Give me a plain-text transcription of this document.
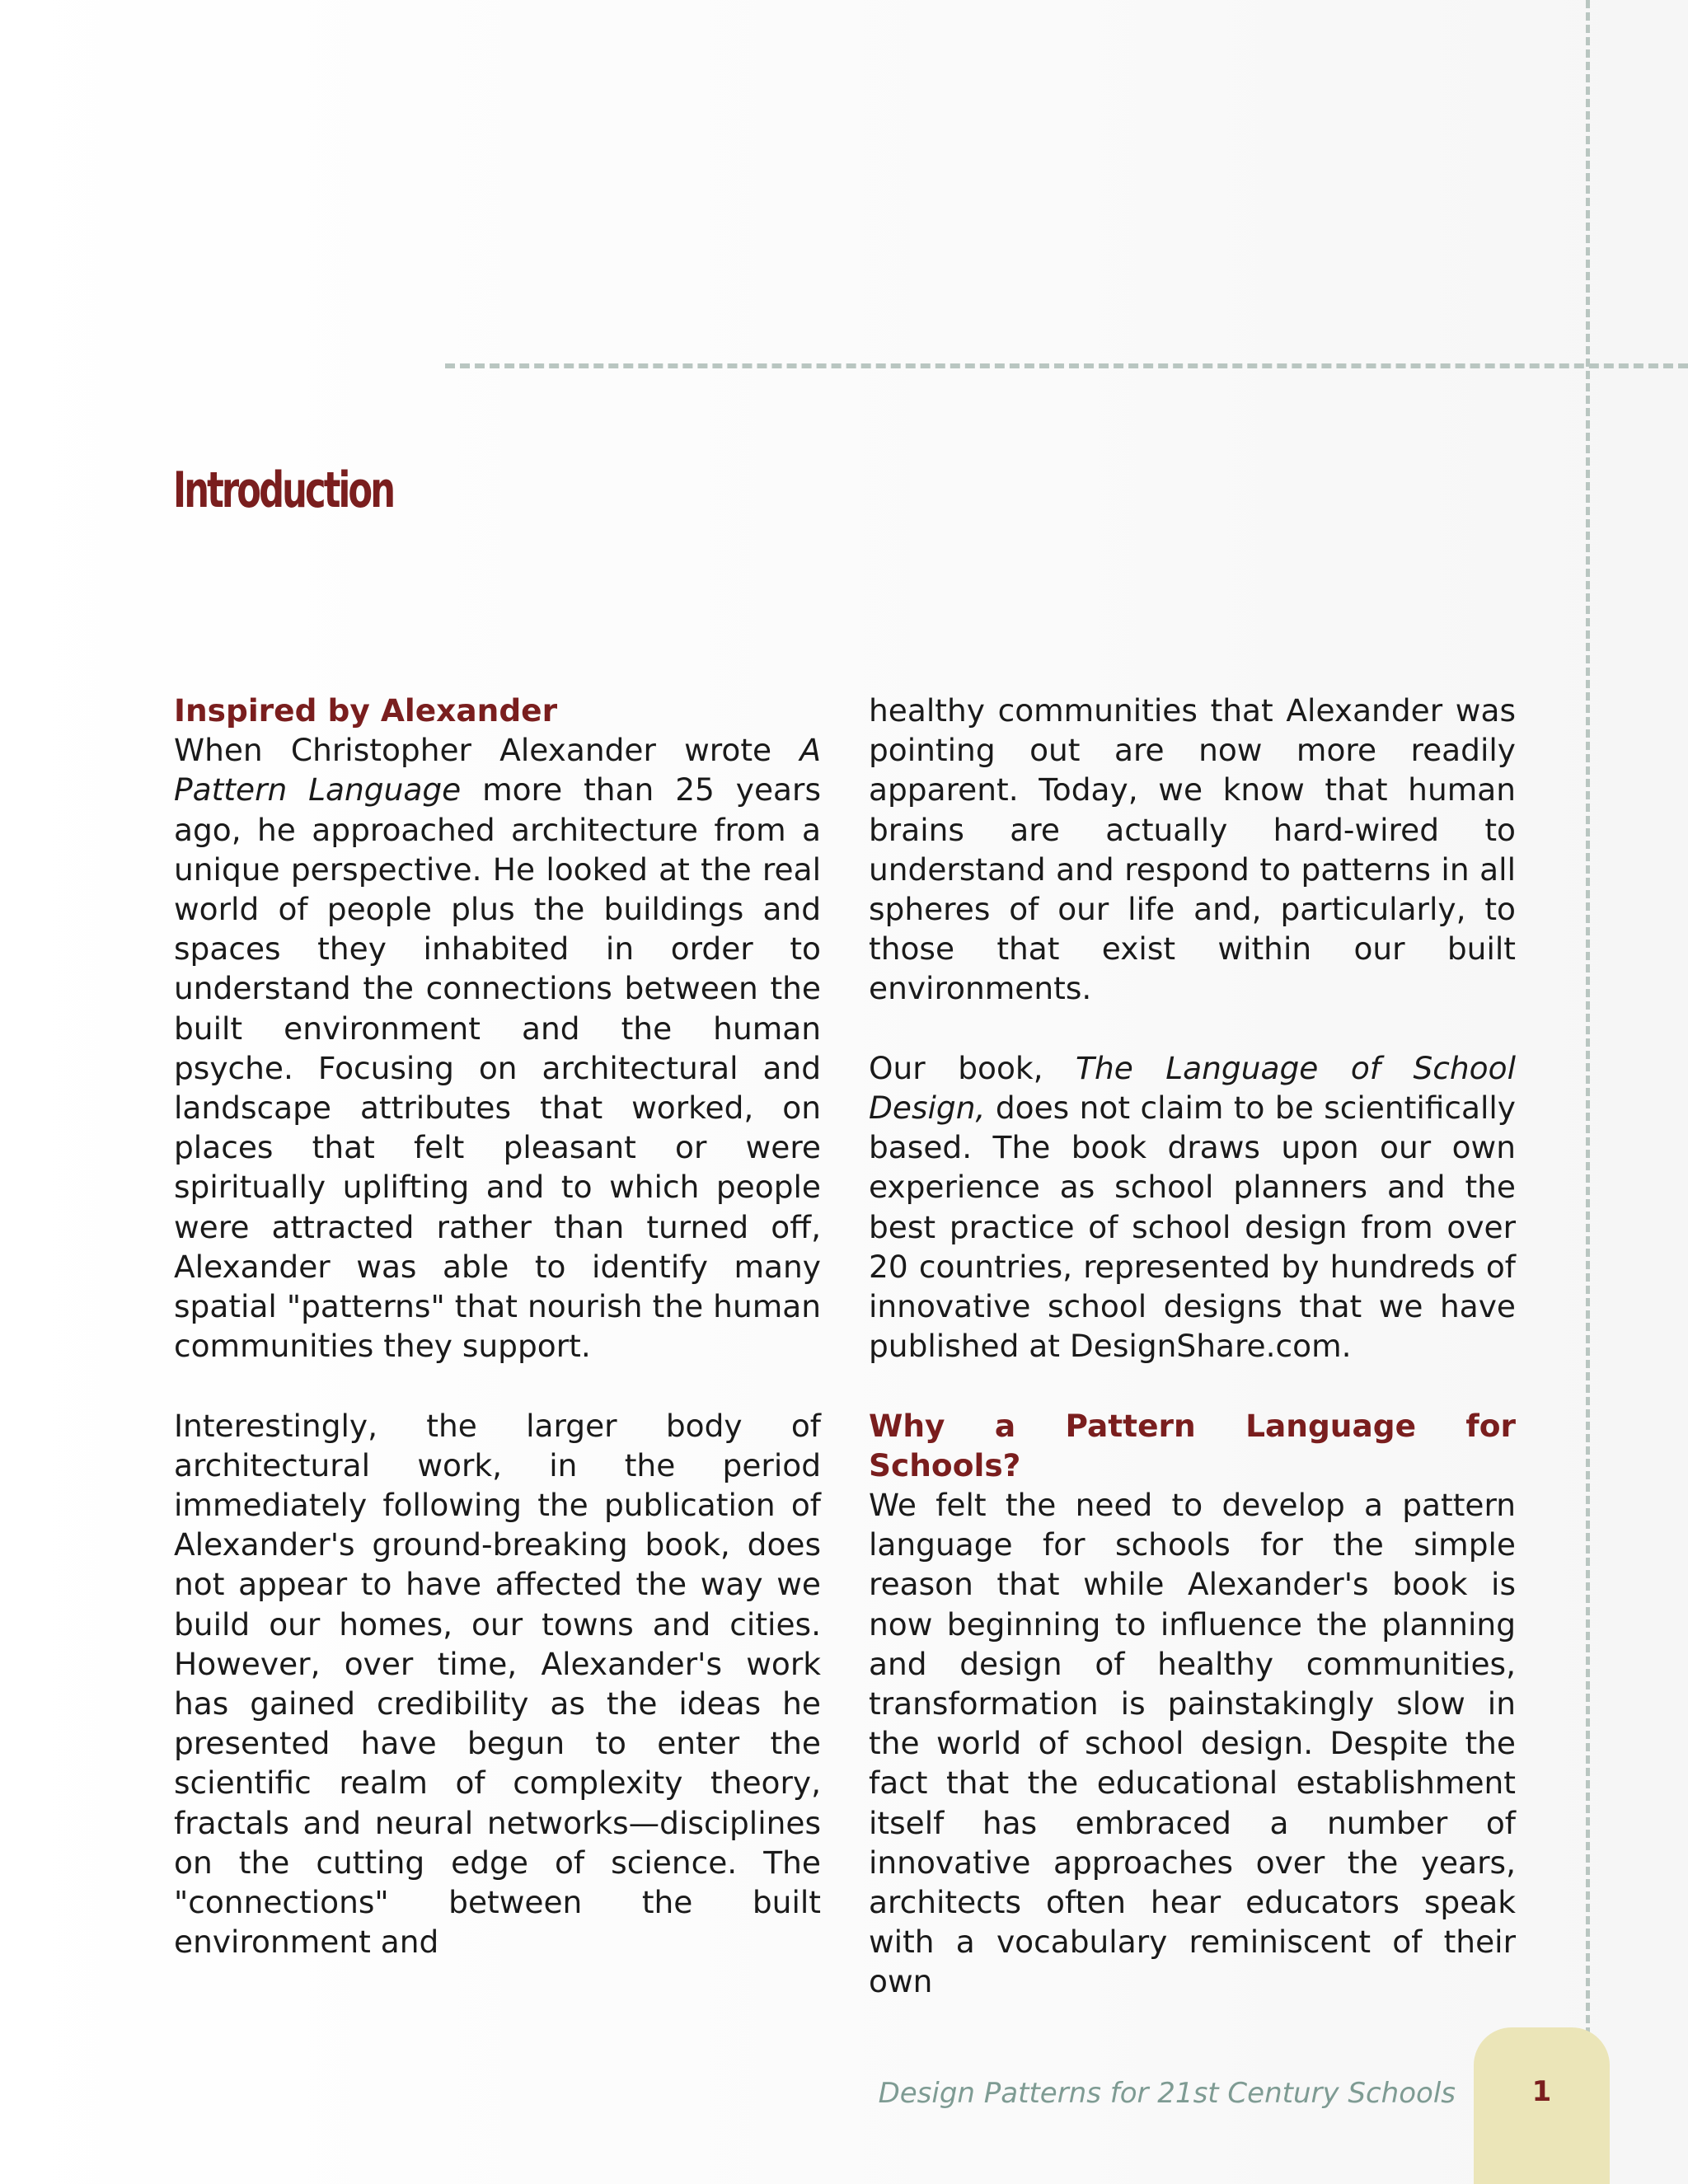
Introduction
Inspired by Alexander

When Christopher Alexander wrote A Pattern Language more than 25 years ago, he approached architecture from a unique perspective. He looked at the real world of people plus the buildings and spaces they inhabited in order to understand the connections between the built environment and the human psyche. Focusing on architectural and landscape attributes that worked, on places that felt pleasant or were spiritually uplifting and to which people were attracted rather than turned off, Alexander was able to identify many spatial "patterns" that nourish the human communities they support.

Interestingly, the larger body of architectural work, in the period immediately following the publication of Alexander's ground-breaking book, does not appear to have affected the way we build our homes, our towns and cities. However, over time, Alexander's work has gained credibility as the ideas he presented have begun to enter the scientific realm of complexity theory, fractals and neural networks—disciplines on the cutting edge of science. The "connections" between the built environment and

healthy communities that Alexander was pointing out are now more readily apparent. Today, we know that human brains are actually hard-wired to understand and respond to patterns in all spheres of our life and, particularly, to those that exist within our built environments.

Our book, The Language of School Design, does not claim to be scientifically based. The book draws upon our own experience as school planners and the best practice of school design from over 20 countries, represented by hundreds of innovative school designs that we have published at DesignShare.com.

Why a Pattern Language for Schools?

We felt the need to develop a pattern language for schools for the simple reason that while Alexander's book is now beginning to influence the planning and design of healthy communities, transformation is painstakingly slow in the world of school design. Despite the fact that the educational establishment itself has embraced a number of innovative approaches over the years, architects often hear educators speak with a vocabulary reminiscent of their own

Design Patterns for 21st Century Schools	1
